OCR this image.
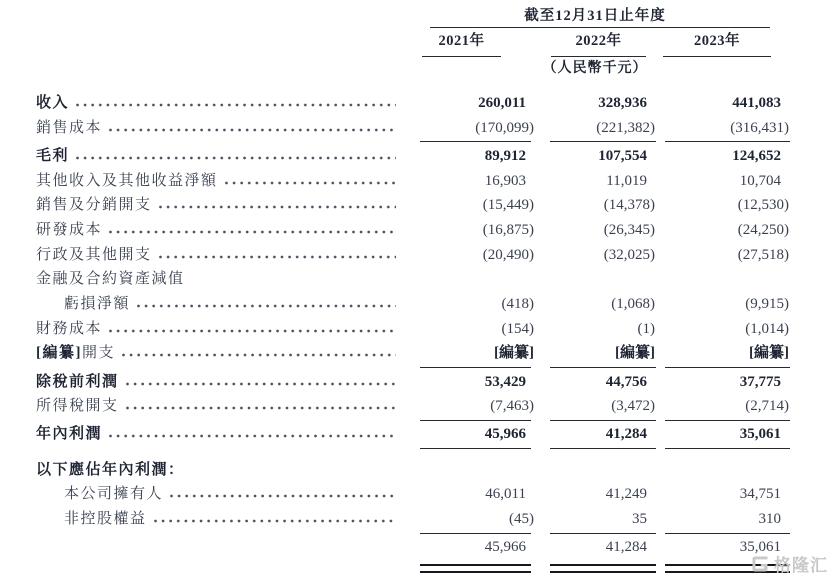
截至12月31日止年度
2021年	2022年	2023年
（人民幣千元）
收入	260,011	328,936	441,083
銷售成本	(170,099)	(221,382)	(316,431)
毛利	89,912	107,554	124,652
其他收入及其他收益淨額	16,903	11,019	10,704
銷售及分銷開支	(15,449)	(14,378)	(12,530)
研發成本	(16,875)	(26,345)	(24,250)
行政及其他開支	(20,490)	(32,025)	(27,518)
金融及合約資產減值
虧損淨額	(418)	(1,068)	(9,915)
財務成本	(154)	(1)	(1,014)
[編纂]開支	[編纂]	[編纂]	[編纂]
除稅前利潤	53,429	44,756	37,775
所得稅開支	(7,463)	(3,472)	(2,714)
年內利潤	45,966	41,284	35,061
以下應佔年內利潤：
本公司擁有人	46,011	41,249	34,751
非控股權益	(45)	35	310
45,966	41,284	35,061
格隆汇
